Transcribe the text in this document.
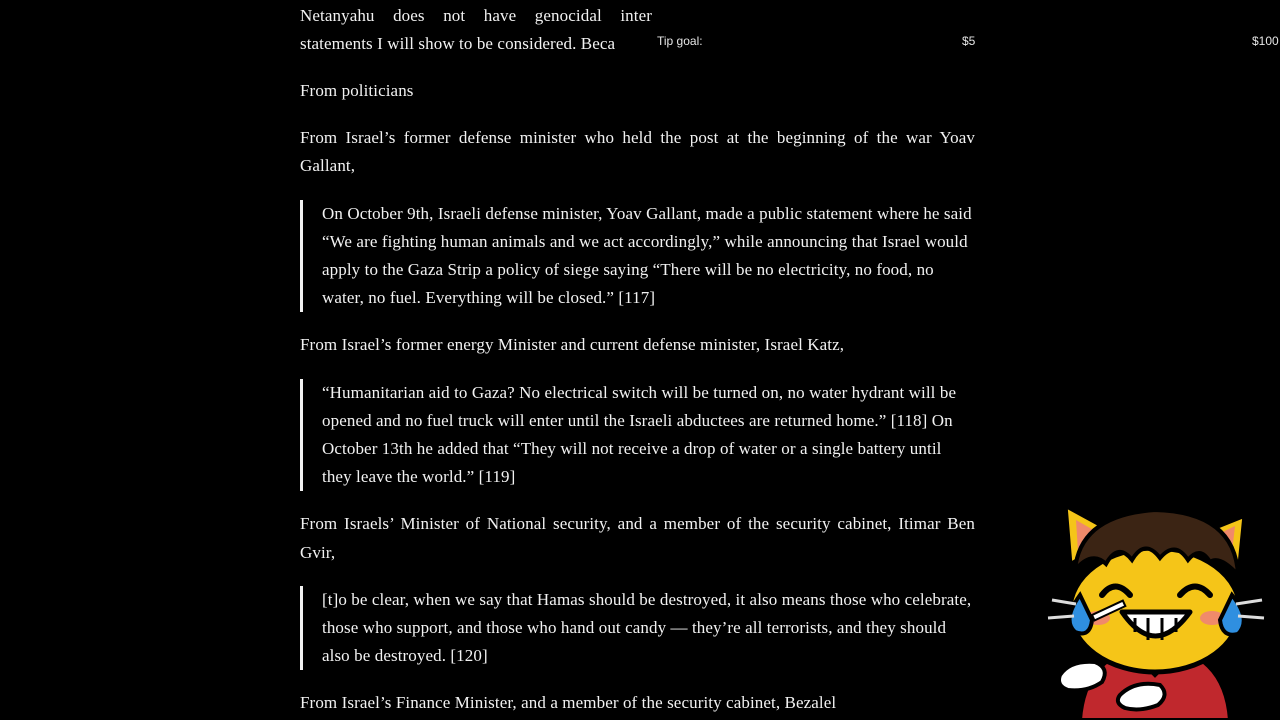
Netanyahu does not have genocidal inter statements I will show to be considered. Beca

From politicians

From Israel’s former defense minister who held the post at the beginning of the war Yoav Gallant,

On October 9th, Israeli defense minister, Yoav Gallant, made a public statement where he said “We are fighting human animals and we act accordingly,” while announcing that Israel would apply to the Gaza Strip a policy of siege saying “There will be no electricity, no food, no water, no fuel. Everything will be closed.” [117]

From Israel’s former energy Minister and current defense minister, Israel Katz,

“Humanitarian aid to Gaza? No electrical switch will be turned on, no water hydrant will be opened and no fuel truck will enter until the Israeli abductees are returned home.” [118] On October 13th he added that “They will not receive a drop of water or a single battery until they leave the world.” [119]

From Israels’ Minister of National security, and a member of the security cabinet, Itimar Ben Gvir,

[t]o be clear, when we say that Hamas should be destroyed, it also means those who celebrate, those who support, and those who hand out candy — they’re all terrorists, and they should also be destroyed. [120]

From Israel’s Finance Minister, and a member of the security cabinet, Bezalel

Tip goal:	$5	$100
